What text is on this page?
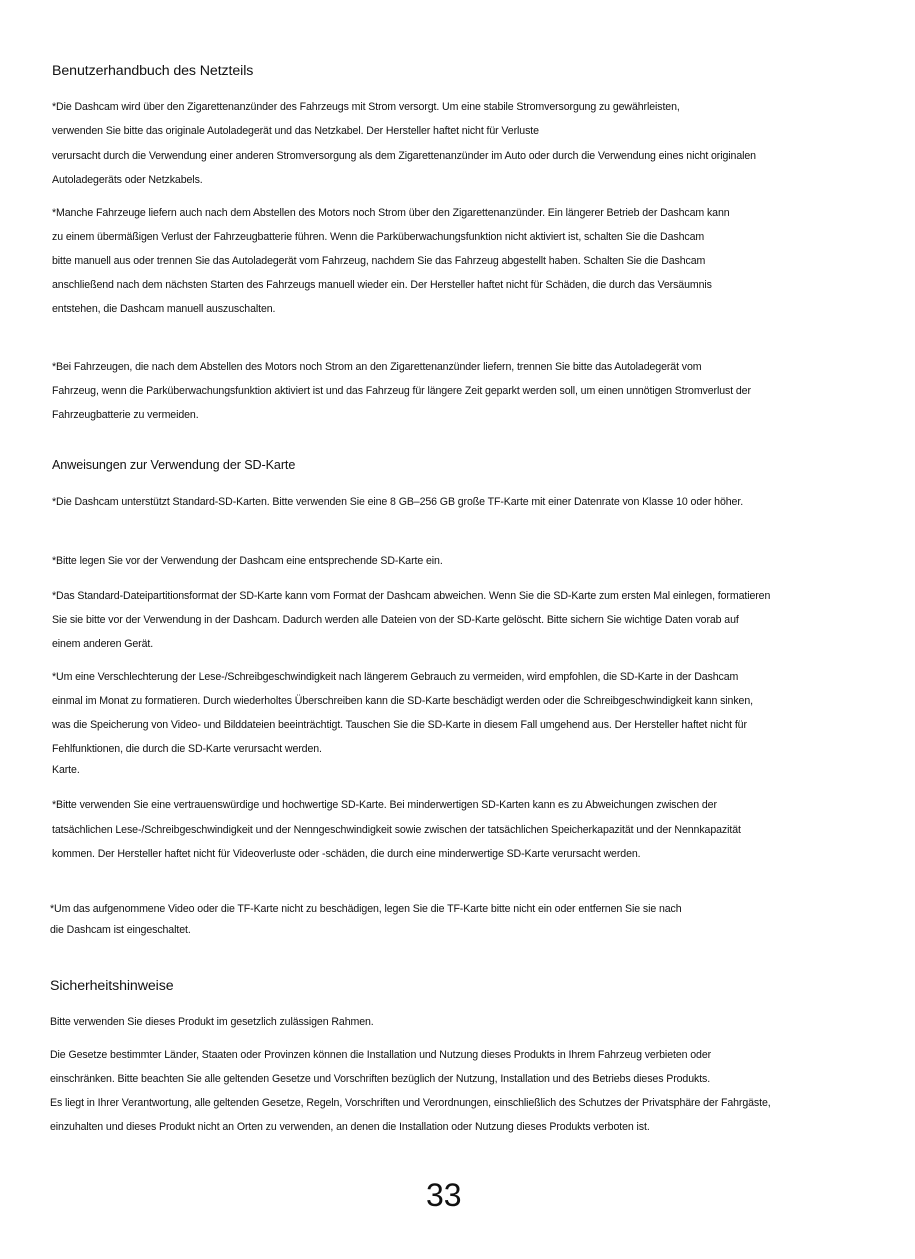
Benutzerhandbuch des Netzteils
*Die Dashcam wird über den Zigarettenanzünder des Fahrzeugs mit Strom versorgt. Um eine stabile Stromversorgung zu gewährleisten,
verwenden Sie bitte das originale Autoladegerät und das Netzkabel. Der Hersteller haftet nicht für Verluste
verursacht durch die Verwendung einer anderen Stromversorgung als dem Zigarettenanzünder im Auto oder durch die Verwendung eines nicht originalen
Autoladegeräts oder Netzkabels.
*Manche Fahrzeuge liefern auch nach dem Abstellen des Motors noch Strom über den Zigarettenanzünder. Ein längerer Betrieb der Dashcam kann
zu einem übermäßigen Verlust der Fahrzeugbatterie führen. Wenn die Parküberwachungsfunktion nicht aktiviert ist, schalten Sie die Dashcam
bitte manuell aus oder trennen Sie das Autoladegerät vom Fahrzeug, nachdem Sie das Fahrzeug abgestellt haben. Schalten Sie die Dashcam
anschließend nach dem nächsten Starten des Fahrzeugs manuell wieder ein. Der Hersteller haftet nicht für Schäden, die durch das Versäumnis
entstehen, die Dashcam manuell auszuschalten.
*Bei Fahrzeugen, die nach dem Abstellen des Motors noch Strom an den Zigarettenanzünder liefern, trennen Sie bitte das Autoladegerät vom
Fahrzeug, wenn die Parküberwachungsfunktion aktiviert ist und das Fahrzeug für längere Zeit geparkt werden soll, um einen unnötigen Stromverlust der
Fahrzeugbatterie zu vermeiden.
Anweisungen zur Verwendung der SD-Karte
*Die Dashcam unterstützt Standard-SD-Karten. Bitte verwenden Sie eine 8 GB–256 GB große TF-Karte mit einer Datenrate von Klasse 10 oder höher.
*Bitte legen Sie vor der Verwendung der Dashcam eine entsprechende SD-Karte ein.
*Das Standard-Dateipartitionsformat der SD-Karte kann vom Format der Dashcam abweichen. Wenn Sie die SD-Karte zum ersten Mal einlegen, formatieren
Sie sie bitte vor der Verwendung in der Dashcam. Dadurch werden alle Dateien von der SD-Karte gelöscht. Bitte sichern Sie wichtige Daten vorab auf
einem anderen Gerät.
*Um eine Verschlechterung der Lese-/Schreibgeschwindigkeit nach längerem Gebrauch zu vermeiden, wird empfohlen, die SD-Karte in der Dashcam
einmal im Monat zu formatieren. Durch wiederholtes Überschreiben kann die SD-Karte beschädigt werden oder die Schreibgeschwindigkeit kann sinken,
was die Speicherung von Video- und Bilddateien beeinträchtigt. Tauschen Sie die SD-Karte in diesem Fall umgehend aus. Der Hersteller haftet nicht für
Fehlfunktionen, die durch die SD-Karte verursacht werden.
Karte.
*Bitte verwenden Sie eine vertrauenswürdige und hochwertige SD-Karte. Bei minderwertigen SD-Karten kann es zu Abweichungen zwischen der
tatsächlichen Lese-/Schreibgeschwindigkeit und der Nenngeschwindigkeit sowie zwischen der tatsächlichen Speicherkapazität und der Nennkapazität
kommen. Der Hersteller haftet nicht für Videoverluste oder -schäden, die durch eine minderwertige SD-Karte verursacht werden.
*Um das aufgenommene Video oder die TF-Karte nicht zu beschädigen, legen Sie die TF-Karte bitte nicht ein oder entfernen Sie sie nach
die Dashcam ist eingeschaltet.
Sicherheitshinweise
Bitte verwenden Sie dieses Produkt im gesetzlich zulässigen Rahmen.
Die Gesetze bestimmter Länder, Staaten oder Provinzen können die Installation und Nutzung dieses Produkts in Ihrem Fahrzeug verbieten oder
einschränken. Bitte beachten Sie alle geltenden Gesetze und Vorschriften bezüglich der Nutzung, Installation und des Betriebs dieses Produkts.
Es liegt in Ihrer Verantwortung, alle geltenden Gesetze, Regeln, Vorschriften und Verordnungen, einschließlich des Schutzes der Privatsphäre der Fahrgäste,
einzuhalten und dieses Produkt nicht an Orten zu verwenden, an denen die Installation oder Nutzung dieses Produkts verboten ist.
33
